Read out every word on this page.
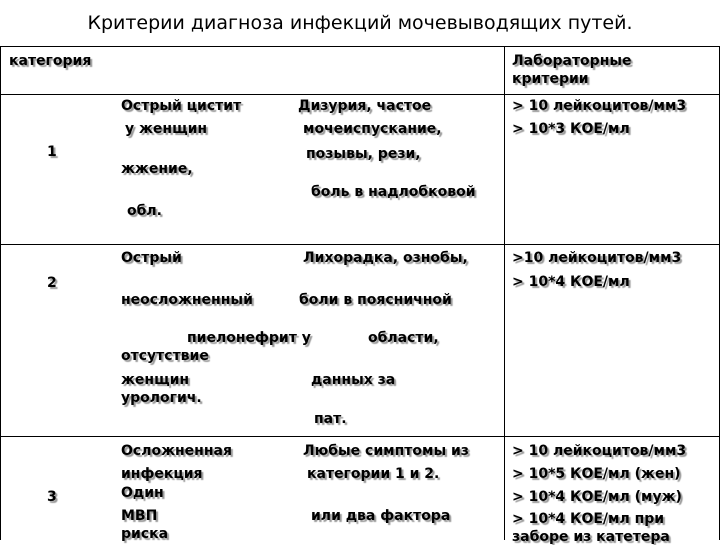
Критерии диагноза инфекций мочевыводящих путей.
категория	Лабораторные
критерии
1
Острый цистит
у женщин
жжение,
обл.
Дизурия, частое
мочеиспускание,
позывы, рези,
боль в надлобковой
> 10 лейкоцитов/мм3
> 10*3 КОЕ/мл
2
Острый
неосложненный
отсутствие
женщин
урологич.
Лихорадка, ознобы,
боли в поясничной
пиелонефрит у	области,
данных за
пат.
>10 лейкоцитов/мм3
> 10*4 КОЕ/мл
3
Осложненная
инфекция
Один
МВП
риска
Любые симптомы из
категории 1 и 2.
или два фактора
> 10 лейкоцитов/мм3
> 10*5 КОЕ/мл (жен)
> 10*4 КОЕ/мл (муж)
> 10*4 КОЕ/мл при
заборе из катетера
